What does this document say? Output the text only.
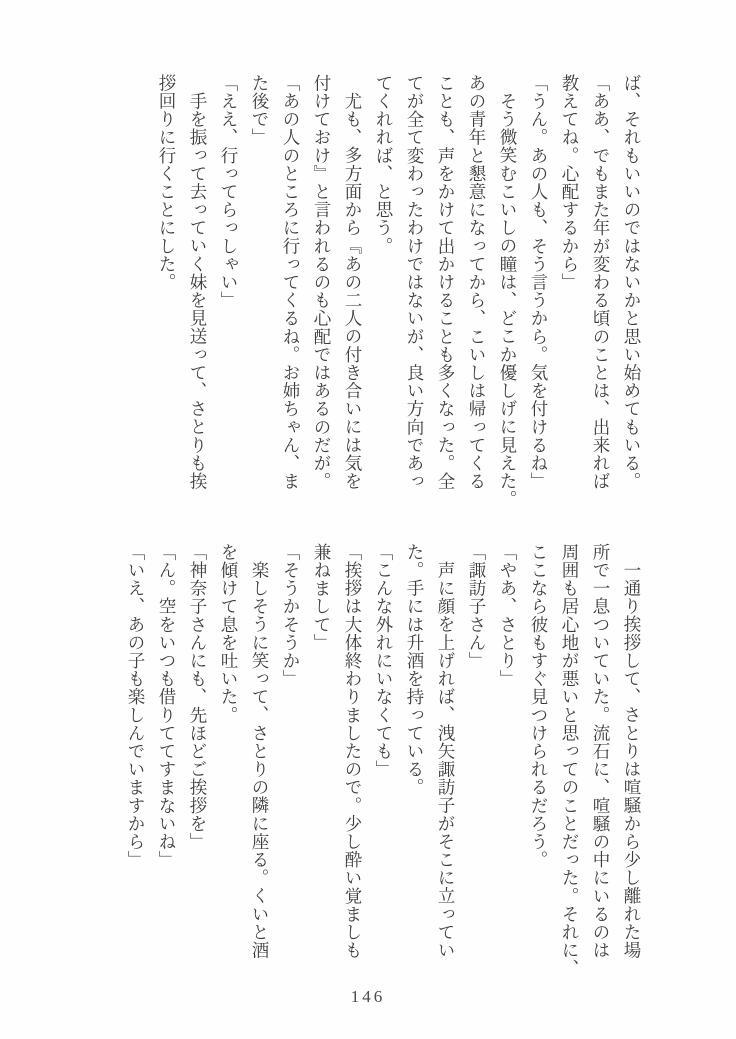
ば、それもいいのではないかと思い始めてもいる。
「ああ、でもまた年が変わる頃のことは、出来れば
教えてね。心配するから」
「うん。あの人も、そう言うから。気を付けるね」
そう微笑むこいしの瞳は、どこか優しげに見えた。
あの青年と懇意になってから、こいしは帰ってくる
ことも、声をかけて出かけることも多くなった。全
てが全て変わったわけではないが、良い方向であっ
てくれれば、と思う。
尤も、多方面から『あの二人の付き合いには気を
付けておけ』と言われるのも心配ではあるのだが。
「あの人のところに行ってくるね。お姉ちゃん、ま
た後で」
「ええ、行ってらっしゃい」
手を振って去っていく妹を見送って、さとりも挨
拶回りに行くことにした。
一通り挨拶して、さとりは喧騒から少し離れた場
所で一息ついていた。流石に、喧騒の中にいるのは
周囲も居心地が悪いと思ってのことだった。それに、
ここなら彼もすぐ見つけられるだろう。
「やあ、さとり」
「諏訪子さん」
声に顔を上げれば、洩矢諏訪子がそこに立ってい
た。手には升酒を持っている。
「こんな外れにいなくても」
「挨拶は大体終わりましたので。少し酔い覚ましも
兼ねまして」
「そうかそうか」
楽しそうに笑って、さとりの隣に座る。くいと酒
を傾けて息を吐いた。
「神奈子さんにも、先ほどご挨拶を」
「ん。空をいつも借りててすまないね」
「いえ、あの子も楽しんでいますから」
146
